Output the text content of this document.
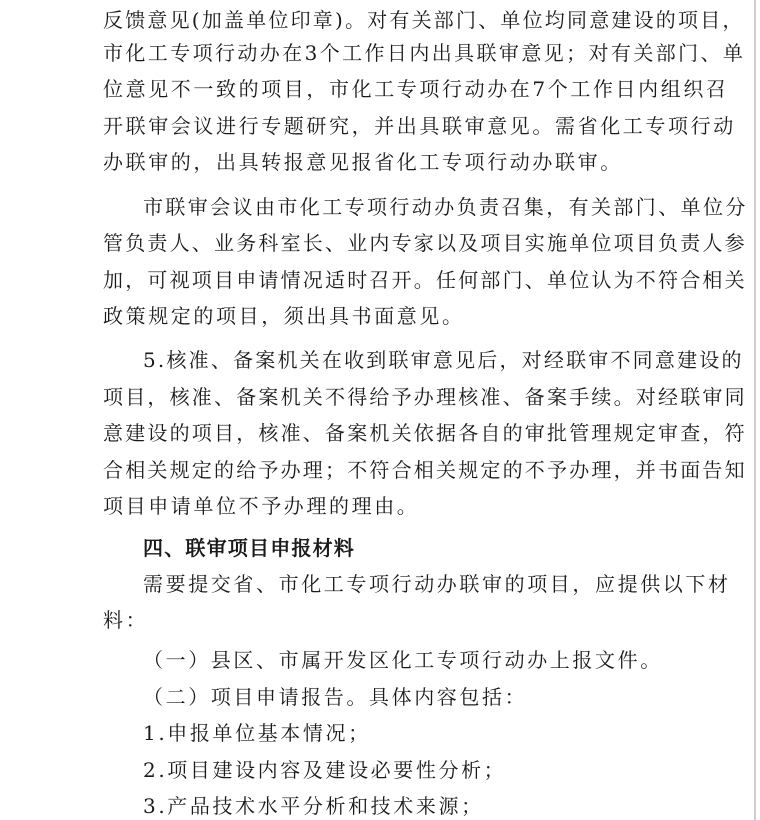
反馈意见(加盖单位印章)。对有关部门、单位均同意建设的项目，
市化工专项行动办在3个工作日内出具联审意见；对有关部门、单
位意见不一致的项目，市化工专项行动办在7个工作日内组织召
开联审会议进行专题研究，并出具联审意见。需省化工专项行动
办联审的，出具转报意见报省化工专项行动办联审。
市联审会议由市化工专项行动办负责召集，有关部门、单位分
管负责人、业务科室长、业内专家以及项目实施单位项目负责人参
加，可视项目申请情况适时召开。任何部门、单位认为不符合相关
政策规定的项目，须出具书面意见。
5.核准、备案机关在收到联审意见后，对经联审不同意建设的
项目，核准、备案机关不得给予办理核准、备案手续。对经联审同
意建设的项目，核准、备案机关依据各自的审批管理规定审查，符
合相关规定的给予办理；不符合相关规定的不予办理，并书面告知
项目申请单位不予办理的理由。
四、联审项目申报材料
需要提交省、市化工专项行动办联审的项目，应提供以下材
料：
（一）县区、市属开发区化工专项行动办上报文件。
（二）项目申请报告。具体内容包括：
1.申报单位基本情况；
2.项目建设内容及建设必要性分析；
3.产品技术水平分析和技术来源；
